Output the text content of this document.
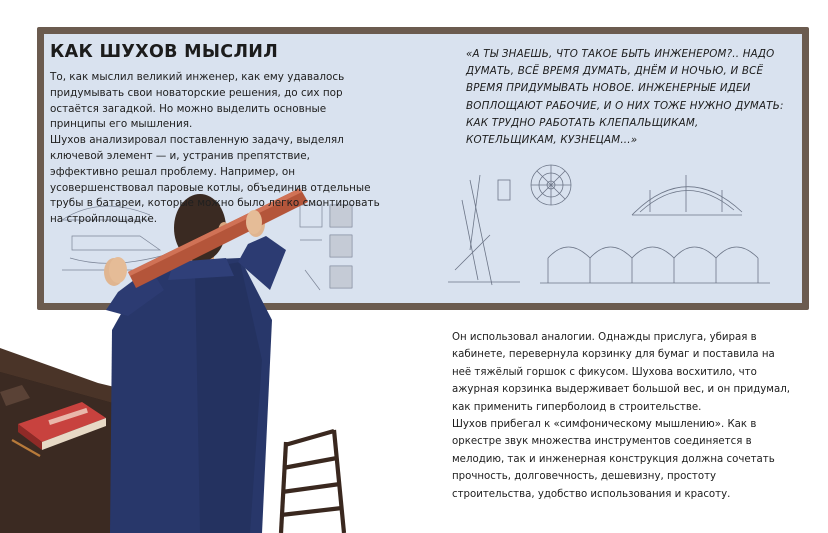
КАК ШУХОВ МЫСЛИЛ

То, как мыслил великий инженер, как ему удавалось придумывать свои новаторские решения, до сих пор остаётся загадкой. Но можно выделить основные принципы его мышления.

Шухов анализировал поставленную задачу, выделял ключевой элемент — и, устранив препятствие, эффективно решал проблему. Например, он усовершенствовал паровые котлы, объединив отдельные трубы в батареи, которые можно было легко смонтировать на стройплощадке.

«А ТЫ ЗНАЕШЬ, ЧТО ТАКОЕ БЫТЬ ИНЖЕНЕРОМ?.. НАДО ДУМАТЬ, ВСЁ ВРЕМЯ ДУМАТЬ, ДНЁМ И НОЧЬЮ, И ВСЁ ВРЕМЯ ПРИДУМЫВАТЬ НОВОЕ. ИНЖЕНЕРНЫЕ ИДЕИ ВОПЛОЩАЮТ РАБОЧИЕ, И О НИХ ТОЖЕ НУЖНО ДУМАТЬ: КАК ТРУДНО РАБОТАТЬ КЛЕПАЛЬЩИКАМ, КОТЕЛЬЩИКАМ, КУЗНЕЦАМ...»

Он использовал аналогии. Однажды прислуга, убирая в кабинете, перевернула корзинку для бумаг и поставила на неё тяжёлый горшок с фикусом. Шухова восхитило, что ажурная корзинка выдерживает большой вес, и он придумал, как применить гиперболоид в строительстве.

Шухов прибегал к «симфоническому мышлению». Как в оркестре звук множества инструментов соединяется в мелодию, так и инженерная конструкция должна сочетать прочность, долговечность, дешевизну, простоту строительства, удобство использования и красоту.
